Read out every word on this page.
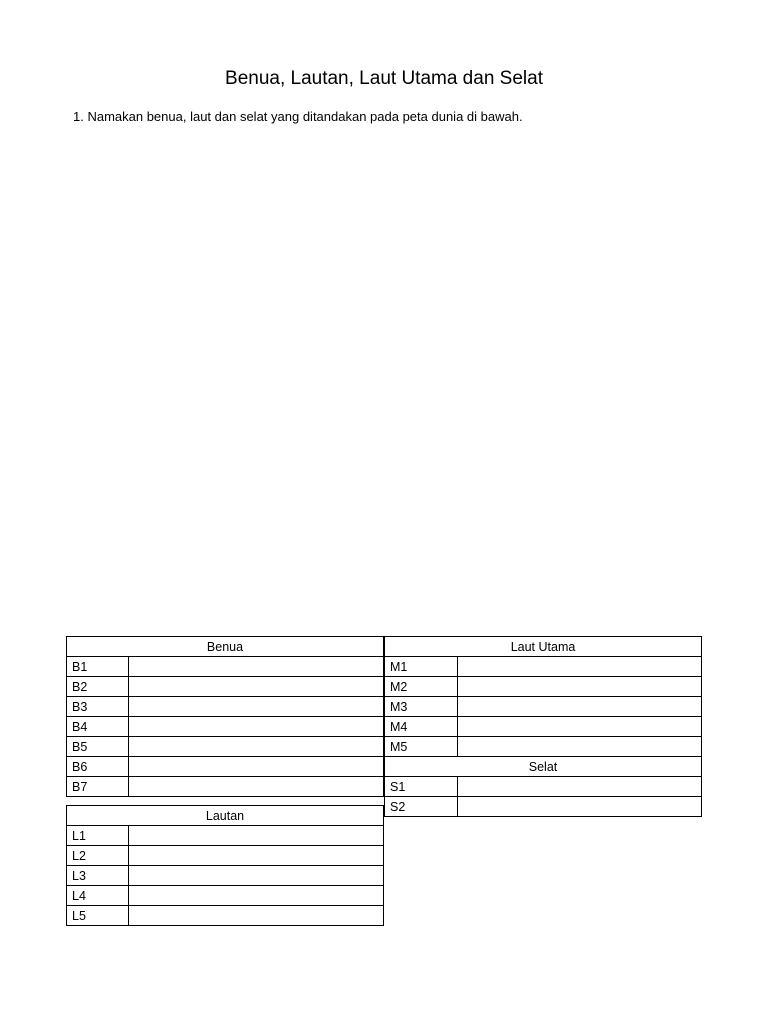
Benua, Lautan, Laut Utama dan Selat
1. Namakan benua, laut dan selat yang ditandakan pada peta dunia di bawah.
Benua	
B1	
B2	
B3	
B4	
B5	
B6	
B7	
Lautan	
L1	
L2	
L3	
L4	
L5	
Laut Utama	
M1	
M2	
M3	
M4	
M5	
Selat	
S1	
S2	
